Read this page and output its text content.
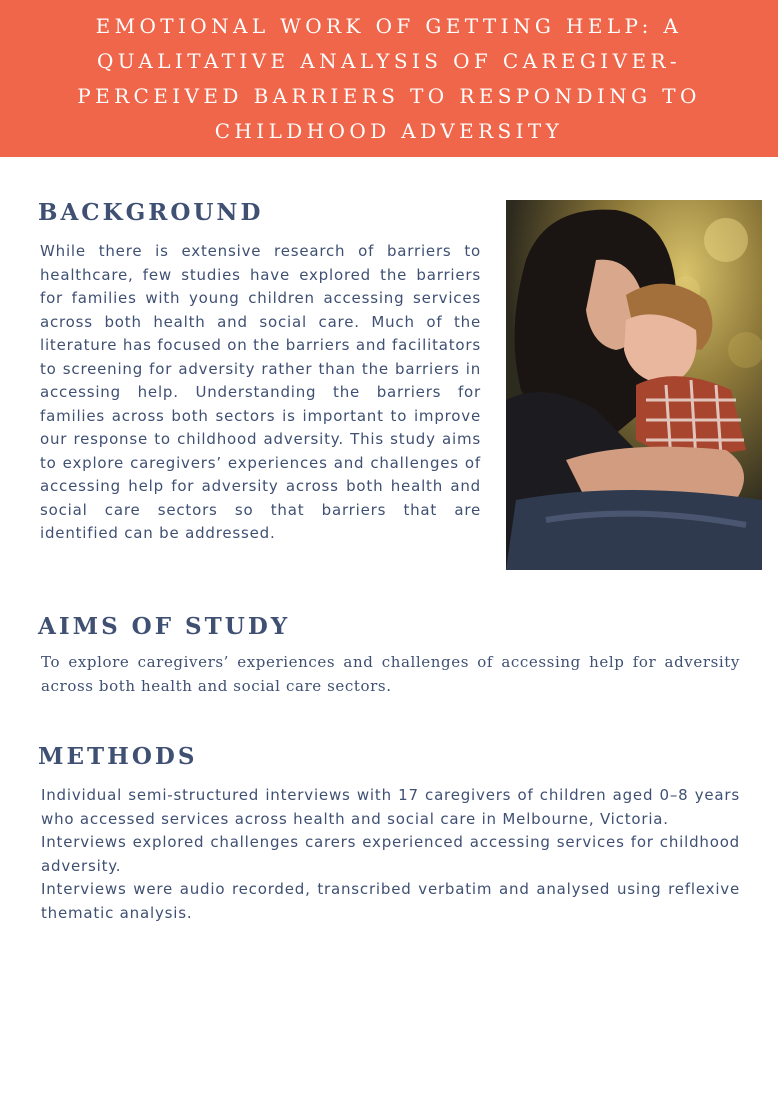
EMOTIONAL WORK OF GETTING HELP: A QUALITATIVE ANALYSIS OF CAREGIVER-PERCEIVED BARRIERS TO RESPONDING TO CHILDHOOD ADVERSITY
BACKGROUND

While there is extensive research of barriers to healthcare, few studies have explored the barriers for families with young children accessing services across both health and social care. Much of the literature has focused on the barriers and facilitators to screening for adversity rather than the barriers in accessing help. Understanding the barriers for families across both sectors is important to improve our response to childhood adversity. This study aims to explore caregivers’ experiences and challenges of accessing help for adversity across both health and social care sectors so that barriers that are identified can be addressed.

AIMS OF STUDY

To explore caregivers’ experiences and challenges of accessing help for adversity across both health and social care sectors.

METHODS
Individual semi-structured interviews with 17 caregivers of children aged 0–8 years who accessed services across health and social care in Melbourne, Victoria.
Interviews explored challenges carers experienced accessing services for childhood adversity.
Interviews were audio recorded, transcribed verbatim and analysed using reflexive thematic analysis.
